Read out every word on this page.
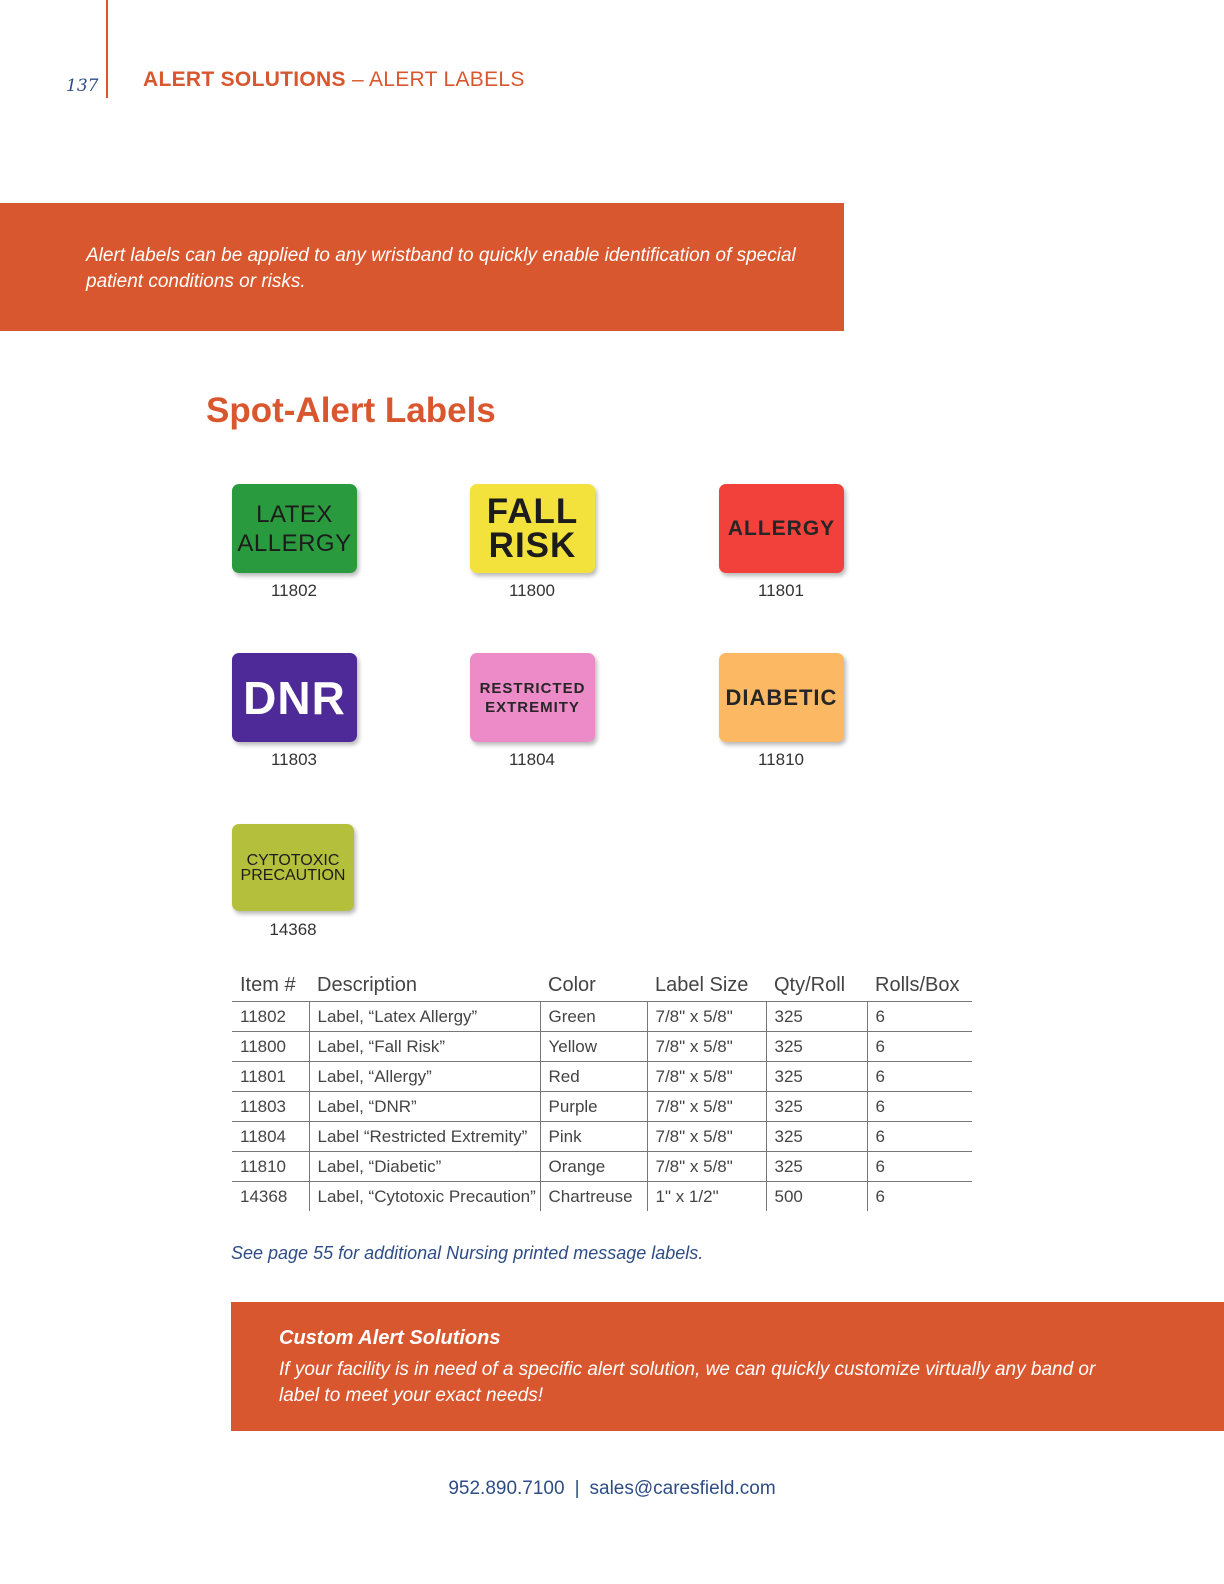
137 ALERT SOLUTIONS – ALERT LABELS
Alert labels can be applied to any wristband to quickly enable identification of special patient conditions or risks.
Spot-Alert Labels
LATEX
ALLERGY
11802
FALL
RISK
11800
ALLERGY
11801
DNR
11803
RESTRICTED
EXTREMITY
11804
DIABETIC
11810
CYTOTOXIC
PRECAUTION
14368
Item #	Description	Color	Label Size	Qty/Roll	Rolls/Box
11802	Label, “Latex Allergy”	Green	7/8" x 5/8"	325	6
11800	Label, “Fall Risk”	Yellow	7/8" x 5/8"	325	6
11801	Label, “Allergy”	Red	7/8" x 5/8"	325	6
11803	Label, “DNR”	Purple	7/8" x 5/8"	325	6
11804	Label “Restricted Extremity”	Pink	7/8" x 5/8"	325	6
11810	Label, “Diabetic”	Orange	7/8" x 5/8"	325	6
14368	Label, “Cytotoxic Precaution”	Chartreuse	1" x 1/2"	500	6
See page 55 for additional Nursing printed message labels.
Custom Alert Solutions
If your facility is in need of a specific alert solution, we can quickly customize virtually any band or label to meet your exact needs!
952.890.7100 | sales@caresfield.com
